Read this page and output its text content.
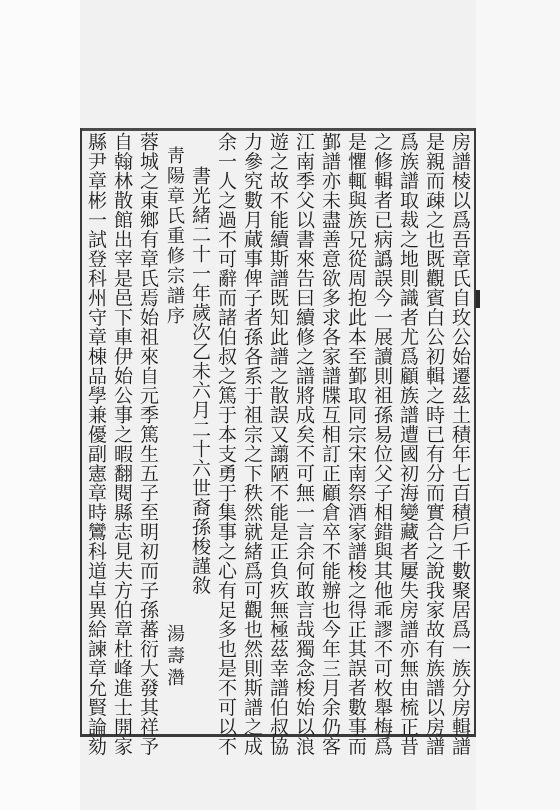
房譜棱以爲吾章氏自玫公始遷茲土積年七百積戶千數聚居爲一族分房輯譜
是親而疎之也既觀賓白公初輯之時已有分而實合之說我家故有族譜以房譜
爲族譜取裁之地則識者尤爲顧族譜遭國初海變藏者屢失房譜亦無由梳正昔
之修輯者已病譌誤今一展讀則祖孫易位父子相錯與其他乖謬不可枚舉梅爲
是懼輒與族兄從周抱此本至鄞取同宗宋南祭酒家譜梭之得正其誤者數事而
鄞譜亦未盡善意欲多求各家譜牒互相訂正顧倉卒不能辦也今年三月余仍客
江南季父以書來告曰續修之譜將成矣不可無一言余何敢言哉獨念梭始以浪
遊之故不能續斯譜既知此譜之散誤又譾陋不能是正負疚無極茲幸譜伯叔協
力參究數月蕆事俾子者孫各系于祖宗之下秩然就緒爲可觀也然則斯譜之成
余一人之過不可辭而諸伯叔之篤于本支勇于集事之心有足多也是不可以不
書光緒二十一年歲次乙未六月二十六世裔孫梭謹敘
靑陽章氏重修宗譜序
湯壽濳
蓉城之東鄉有章氏焉始祖來自元季篤生五子至明初而子孫蕃衍大發其祥予
自翰林散館出宰是邑下車伊始公事之暇翻閱縣志見夫方伯章杜峰進士開家
縣尹章彬一試登科州守章棟品學兼優副憲章時鸞科道卓異給諫章允賢論劾
